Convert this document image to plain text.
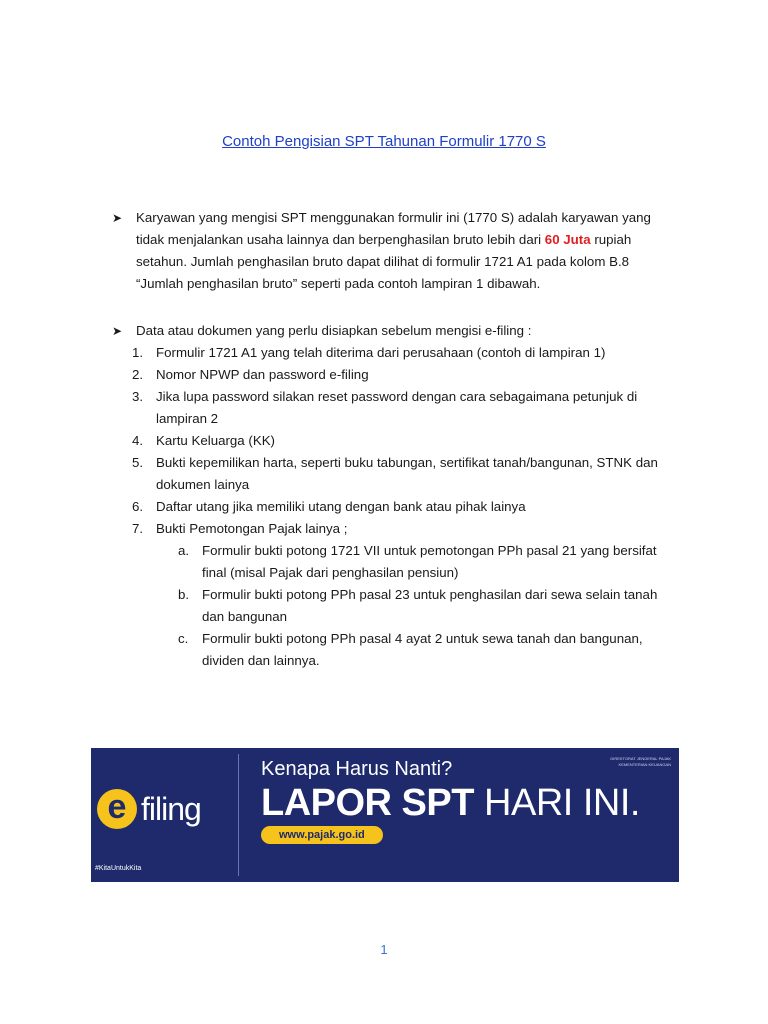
Contoh Pengisian SPT Tahunan Formulir 1770 S
➤ Karyawan yang mengisi SPT menggunakan formulir ini (1770 S) adalah karyawan yang tidak menjalankan usaha lainnya dan berpenghasilan bruto lebih dari 60 Juta rupiah setahun. Jumlah penghasilan bruto dapat dilihat di formulir 1721 A1 pada kolom B.8 “Jumlah penghasilan bruto” seperti pada contoh lampiran 1 dibawah.
➤ Data atau dokumen yang perlu disiapkan sebelum mengisi e-filing :
1. Formulir 1721 A1 yang telah diterima dari perusahaan (contoh di lampiran 1)
2. Nomor NPWP dan password e-filing
3. Jika lupa password silakan reset password dengan cara sebagaimana petunjuk di lampiran 2
4. Kartu Keluarga (KK)
5. Bukti kepemilikan harta, seperti buku tabungan, sertifikat tanah/bangunan, STNK dan dokumen lainya
6. Daftar utang jika memiliki utang dengan bank atau pihak lainya
7. Bukti Pemotongan Pajak lainya ;
a. Formulir bukti potong 1721 VII untuk pemotongan PPh pasal 21 yang bersifat final (misal Pajak dari penghasilan pensiun)
b. Formulir bukti potong PPh pasal 23 untuk penghasilan dari sewa selain tanah dan bangunan
c. Formulir bukti potong PPh pasal 4 ayat 2 untuk sewa tanah dan bangunan, dividen dan lainnya.
e filing
Kenapa Harus Nanti?
LAPOR SPT HARI INI.
www.pajak.go.id
#KitaUntukKita
DIREKTORAT JENDERAL PAJAK
KEMENTERIAN KEUANGAN
1
